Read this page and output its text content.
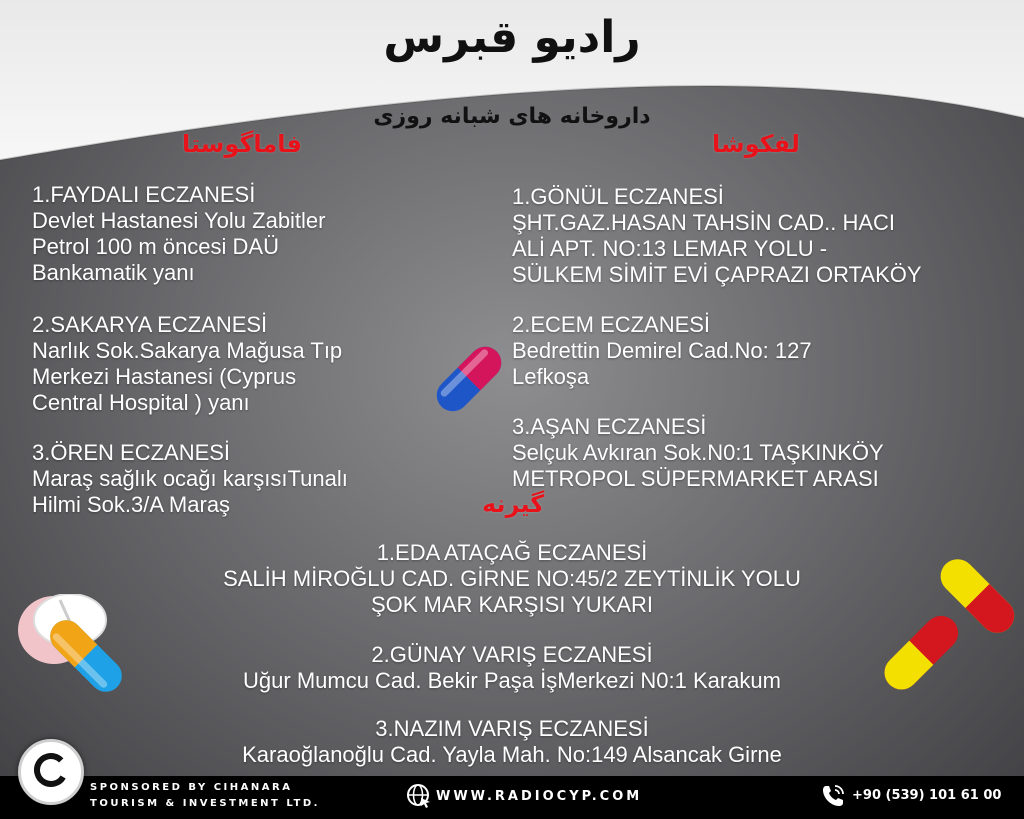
رادیو قبرس
داروخانه های شبانه روزی
فاماگوستا	لفکوشا
گیرنه
1.FAYDALI ECZANESİ
Devlet Hastanesi Yolu Zabitler
Petrol 100 m öncesi DAÜ
Bankamatik yanı
2.SAKARYA ECZANESİ
Narlık Sok.Sakarya Mağusa Tıp
Merkezi Hastanesi (Cyprus
Central Hospital ) yanı
3.ÖREN ECZANESİ
Maraş sağlık ocağı karşısıTunalı
Hilmi Sok.3/A Maraş
1.GÖNÜL ECZANESİ
ŞHT.GAZ.HASAN TAHSİN CAD.. HACI
ALİ APT. NO:13 LEMAR YOLU -
SÜLKEM SİMİT EVİ ÇAPRAZI ORTAKÖY
2.ECEM ECZANESİ
Bedrettin Demirel Cad.No: 127
Lefkoşa
3.AŞAN ECZANESİ
Selçuk Avkıran Sok.N0:1 TAŞKINKÖY
METROPOL SÜPERMARKET ARASI
1.EDA ATAÇAĞ ECZANESİ
SALİH MİROĞLU CAD. GİRNE NO:45/2 ZEYTİNLİK YOLU
ŞOK MAR KARŞISI YUKARI
2.GÜNAY VARIŞ ECZANESİ
Uğur Mumcu Cad. Bekir Paşa İşMerkezi N0:1 Karakum
3.NAZIM VARIŞ ECZANESİ
Karaoğlanoğlu Cad. Yayla Mah. No:149 Alsancak Girne
SPONSORED BY CIHANARA
TOURISM & INVESTMENT LTD.	WWW.RADIOCYP.COM	+90 (539) 101 61 00
